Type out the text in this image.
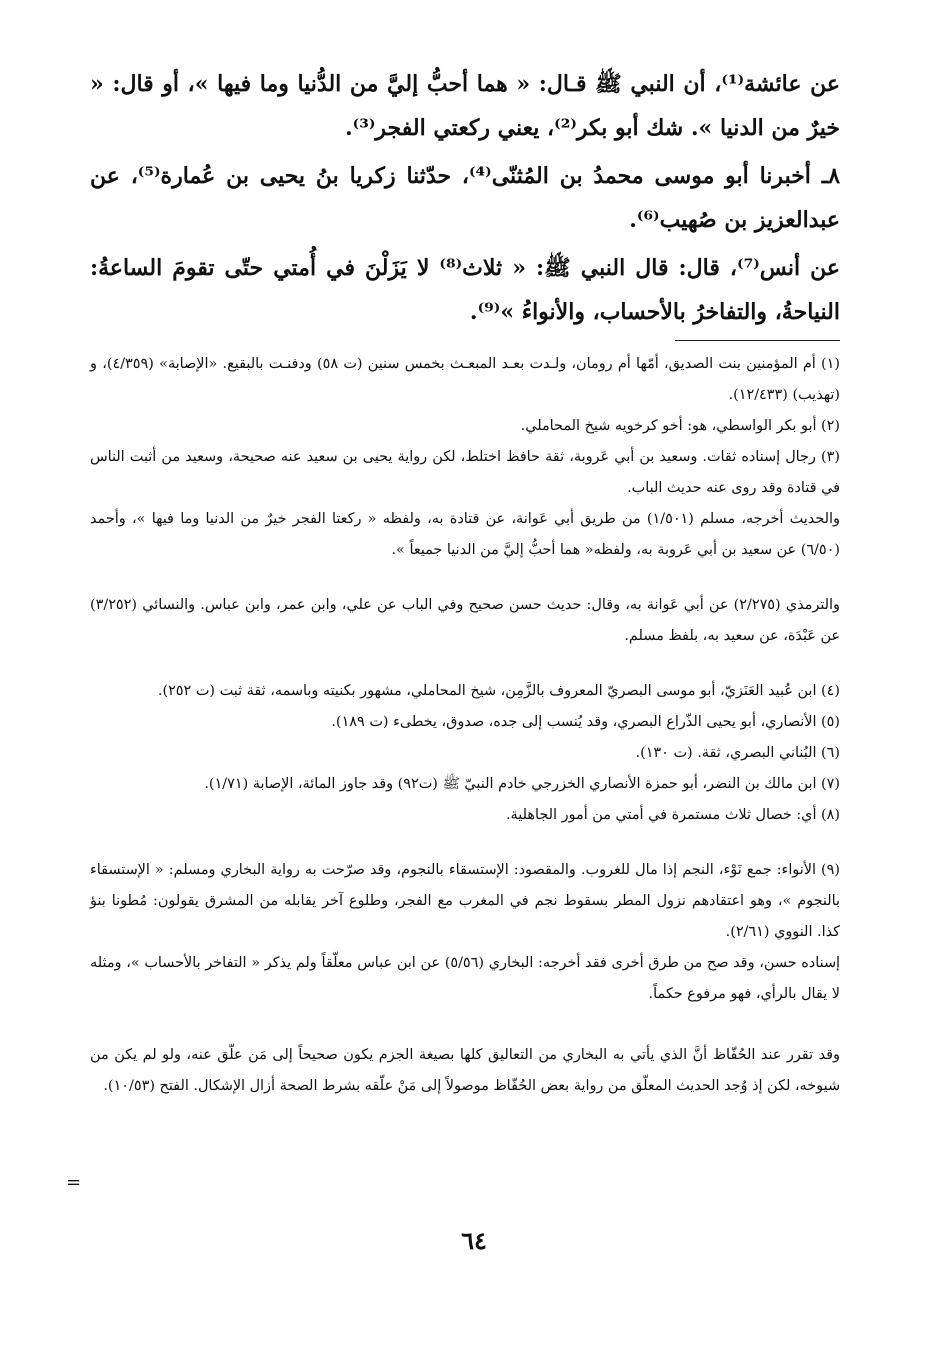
عن عائشة⁽¹⁾، أن النبي ﷺ قـال: « هما أحبُّ إليَّ من الدُّنيا وما فيها »، أو قال: « خيرٌ من الدنيا ». شك أبو بكر⁽²⁾، يعني ركعتي الفجر⁽³⁾.

٨ـ أخبرنا أبو موسى محمدُ بن المُثنّى⁽⁴⁾، حدّثنا زكريا بنُ يحيى بن عُمارة⁽⁵⁾، عن عبدالعزيز بن صُهيب⁽⁶⁾.

عن أنس⁽⁷⁾، قال: قال النبي ﷺ: « ثلاث⁽⁸⁾ لا يَزَلْنَ في أُمتي حتّى تقومَ الساعةُ: النياحةُ، والتفاخرُ بالأحساب، والأنواءُ »⁽⁹⁾.

(١) أم المؤمنين بنت الصديق، أمّها أم رومان، ولـدت بعـد المبعـث بخمس سنين (ت ٥٨) ودفنـت بالبقيع. «الإصابة» (٤/٣٥٩)، و (تهذيب) (١٢/٤٣٣).

(٢) أبو بكر الواسطي، هو: أخو كرخويه شيخ المحاملي.

(٣) رجال إسناده ثقات. وسعيد بن أبي عَروبة، ثقة حافظ اختلط، لكن رواية يحيى بن سعيد عنه صحيحة، وسعيد من أثبت الناس في قتادة وقد روى عنه حديث الباب.

والحديث أخرجه، مسلم (١/٥٠١) من طريق أبي عَوانة، عن قتادة به، ولفظه « ركعتا الفجر خيرٌ من الدنيا وما فيها »، وأحمد (٦/٥٠) عن سعيد بن أبي عَروبة به، ولفظه« هما أحبُّ إليَّ من الدنيا جميعاً ».

والترمذي (٢/٢٧٥) عن أبي عَوانة به، وقال: حديث حسن صحيح وفي الباب عن علي، وابن عمر، وابن عباس. والنسائي (٣/٢٥٢) عن عَبْدَة، عن سعيد به، بلفظ مسلم.

(٤) ابن عُبيد العَنَزيّ، أبو موسى البصريّ المعروف بالزَّمِن، شيخ المحاملي، مشهور بكنيته وباسمه، ثقة ثبت (ت ٢٥٢).

(٥) الأنصاري، أبو يحيى الذّراع البصري، وقد يُنسب إلى جده، صدوق، يخطىء (ت ١٨٩).

(٦) البُناني البصري، ثقة. (ت ١٣٠).

(٧) ابن مالك بن النضر، أبو حمزة الأنصاري الخزرجي خادم النبيّ ﷺ (ت٩٢) وقد جاوز المائة، الإصابة (١/٧١).

(٨) أي: خصال ثلاث مستمرة في أمتي من أمور الجاهلية.

(٩) الأنواء: جمع نَوْء، النجم إذا مال للغروب. والمقصود: الإستسقاء بالنجوم، وقد صرّحت به رواية البخاري ومسلم: « الإستسقاء بالنجوم »، وهو اعتقادهم نزول المطر بسقوط نجم في المغرب مع الفجر، وطلوع آخر يقابله من المشرق يقولون: مُطونا بنؤ كذا. النووي (٢/٦١).

إسناده حسن، وقد صح من طرق أخرى فقد أخرجه: البخاري (٥/٥٦) عن ابن عباس معلّقاً ولم يذكر « التفاخر بالأحساب »، ومثله لا يقال بالرأي، فهو مرفوع حكماً.

وقد تقرر عند الحُفّاظ أنَّ الذي يأتي به البخاري من التعاليق كلها بصيغة الجزم يكون صحيحاً إلى مَن علّق عنه، ولو لم يكن من شيوخه، لكن إذ وُجد الحديث المعلّق من رواية بعض الحُفّاظ موصولاً إلى مَنْ علّقه بشرط الصحة أزال الإشكال. الفتح (١٠/٥٣).

=
٦٤
